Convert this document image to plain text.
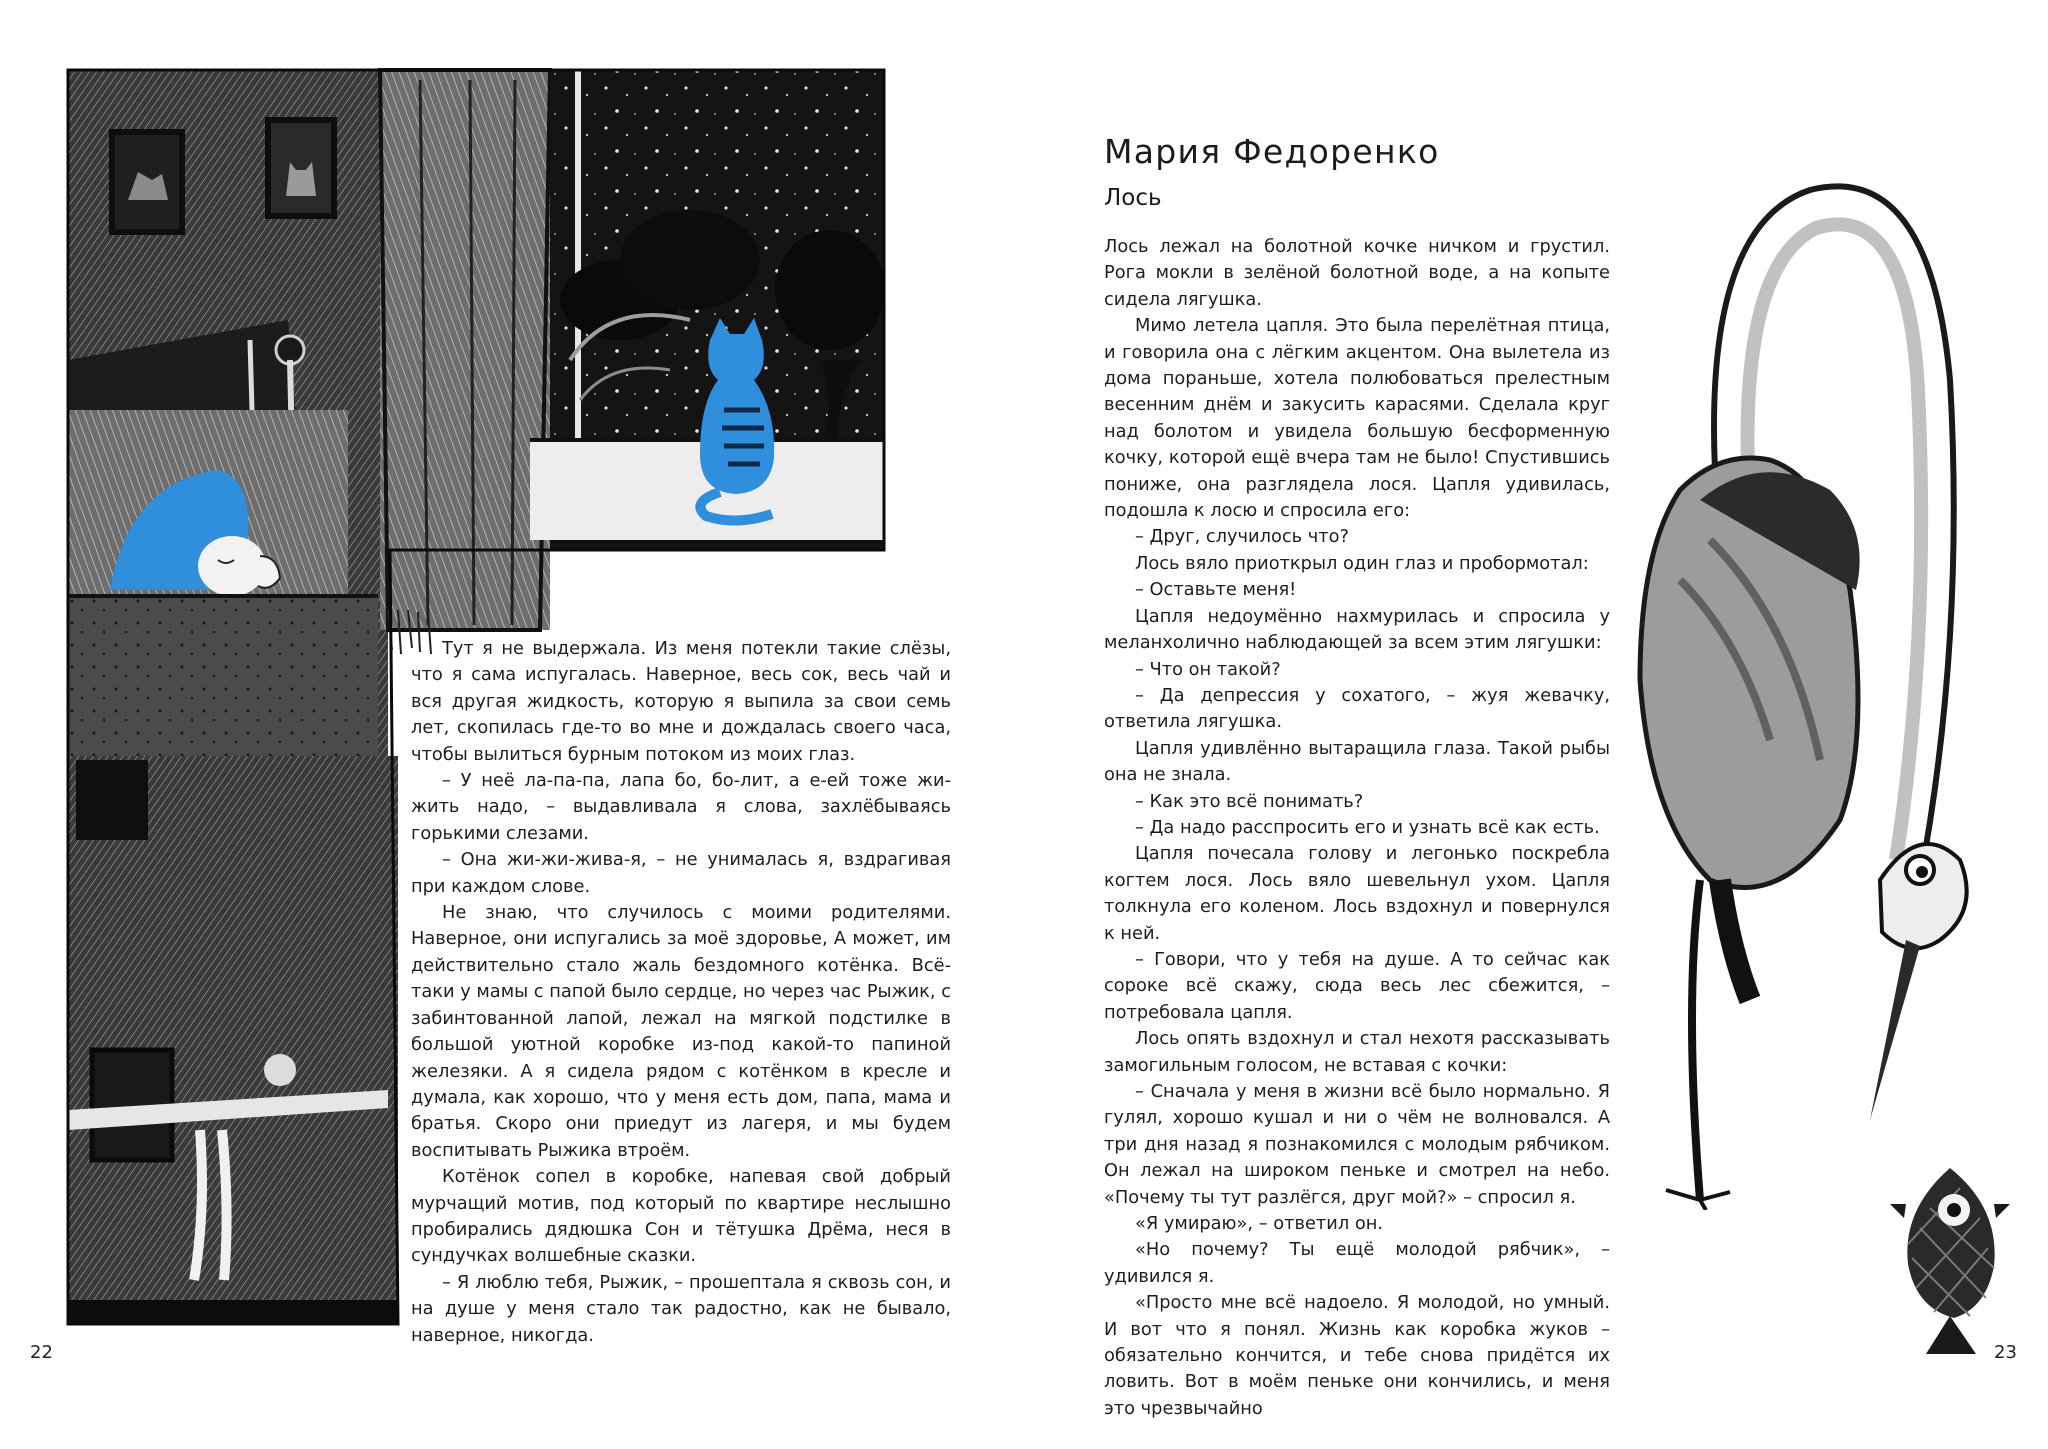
Тут я не выдержала. Из меня потекли такие слёзы, что я сама испугалась. Наверное, весь сок, весь чай и вся другая жидкость, которую я выпила за свои семь лет, скопилась где-то во мне и дождалась своего часа, чтобы вылиться бурным потоком из моих глаз.

– У неё ла-па-па, лапа бо, бо-лит, а е-ей тоже жи-жить надо, – выдавливала я слова, захлёбываясь горькими слезами.

– Она жи-жи-жива-я, – не унималась я, вздрагивая при каждом слове.

Не знаю, что случилось с моими родителями. Наверное, они испугались за моё здоровье, А может, им действительно стало жаль бездомного котёнка. Всё-таки у мамы с папой было сердце, но через час Рыжик, с забинтованной лапой, лежал на мягкой подстилке в большой уютной коробке из-под какой-то папиной железяки. А я сидела рядом с котёнком в кресле и думала, как хорошо, что у меня есть дом, папа, мама и братья. Скоро они приедут из лагеря, и мы будем воспитывать Рыжика втроём.

Котёнок сопел в коробке, напевая свой добрый мурчащий мотив, под который по квартире неслышно пробирались дядюшка Сон и тётушка Дрёма, неся в сундучках волшебные сказки.

– Я люблю тебя, Рыжик, – прошептала я сквозь сон, и на душе у меня стало так радостно, как не бывало, наверное, никогда.

22
Мария Федоренко
Лось

Лось лежал на болотной кочке ничком и грустил. Рога мокли в зелёной болотной воде, а на копыте сидела лягушка.

Мимо летела цапля. Это была перелётная птица, и говорила она с лёгким акцентом. Она вылетела из дома пораньше, хотела полюбоваться прелестным весенним днём и закусить карасями. Сделала круг над болотом и увидела большую бесформенную кочку, которой ещё вчера там не было! Спустившись пониже, она разглядела лося. Цапля удивилась, подошла к лосю и спросила его:

– Друг, случилось что?

Лось вяло приоткрыл один глаз и пробормотал:

– Оставьте меня!

Цапля недоумённо нахмурилась и спросила у меланхолично наблюдающей за всем этим лягушки:

– Что он такой?

– Да депрессия у сохатого, – жуя жевачку, ответила лягушка.

Цапля удивлённо вытаращила глаза. Такой рыбы она не знала.

– Как это всё понимать?

– Да надо расспросить его и узнать всё как есть.

Цапля почесала голову и легонько поскребла когтем лося. Лось вяло шевельнул ухом. Цапля толкнула его коленом. Лось вздохнул и повернулся к ней.

– Говори, что у тебя на душе. А то сейчас как сороке всё скажу, сюда весь лес сбежится, – потребовала цапля.

Лось опять вздохнул и стал нехотя рассказывать замогильным голосом, не вставая с кочки:

– Сначала у меня в жизни всё было нормально. Я гулял, хорошо кушал и ни о чём не волновался. А три дня назад я познакомился с молодым рябчиком. Он лежал на широком пеньке и смотрел на небо. «Почему ты тут разлёгся, друг мой?» – спросил я.

«Я умираю», – ответил он.

«Но почему? Ты ещё молодой рябчик», – удивился я.

«Просто мне всё надоело. Я молодой, но умный. И вот что я понял. Жизнь как коробка жуков – обязательно кончится, и тебе снова придётся их ловить. Вот в моём пеньке они кончились, и меня это чрезвычайно

23
